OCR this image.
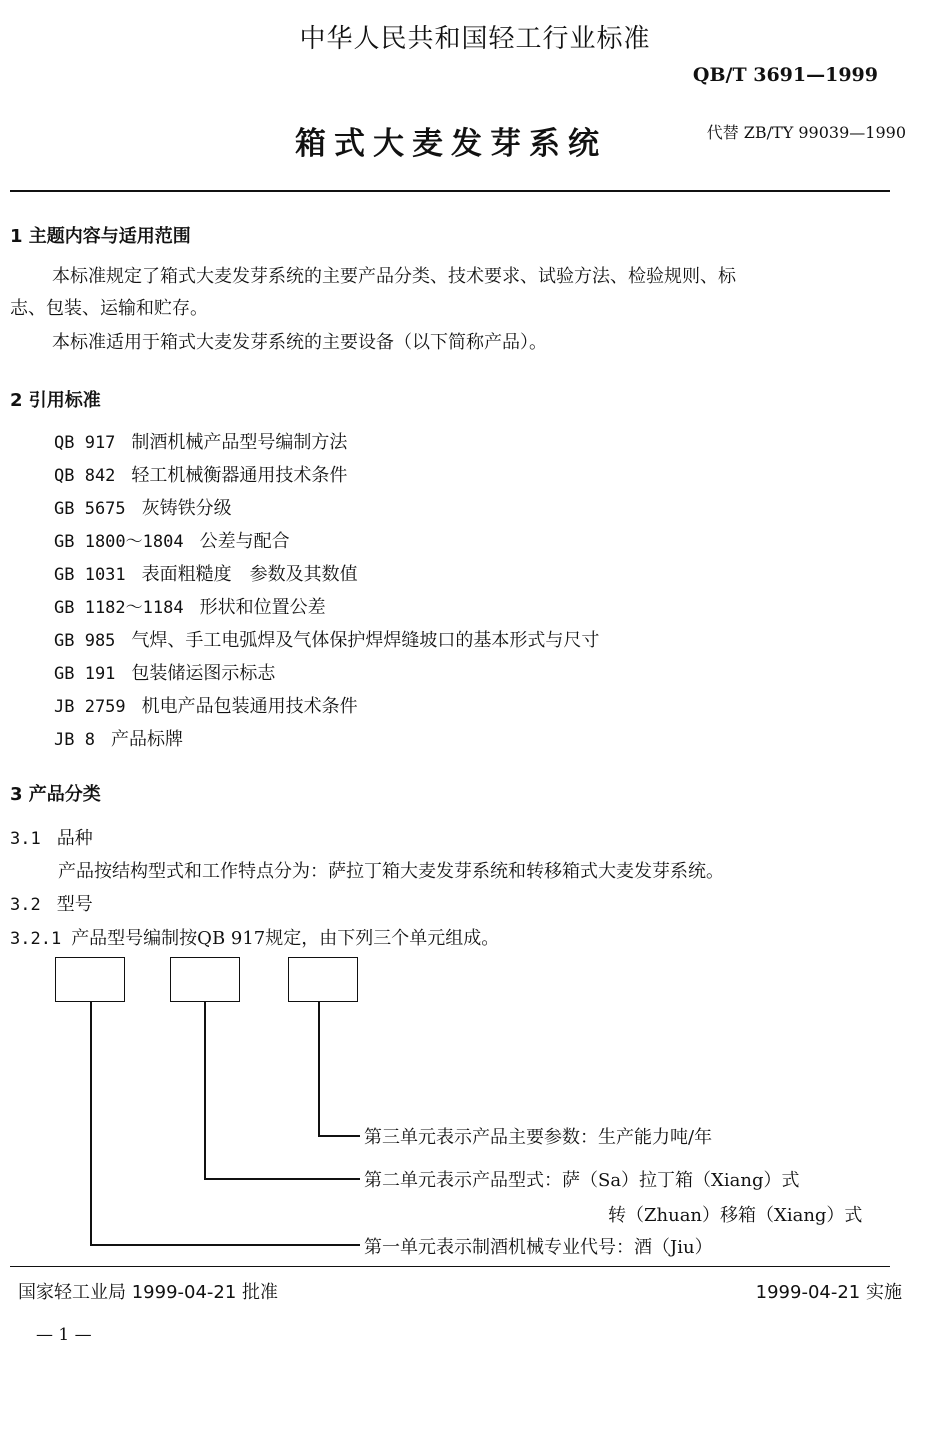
中华人民共和国轻工行业标准
QB/T 3691—1999
箱式大麦发芽系统	代替 ZB/TY 99039—1990
1 主题内容与适用范围
本标准规定了箱式大麦发芽系统的主要产品分类、技术要求、试验方法、检验规则、标
志、包装、运输和贮存。
本标准适用于箱式大麦发芽系统的主要设备（以下简称产品）。
2 引用标准
QB 917 制酒机械产品型号编制方法
QB 842 轻工机械衡器通用技术条件
GB 5675 灰铸铁分级
GB 1800～1804 公差与配合
GB 1031 表面粗糙度　参数及其数值
GB 1182～1184 形状和位置公差
GB 985 气焊、手工电弧焊及气体保护焊焊缝坡口的基本形式与尺寸
GB 191 包装储运图示标志
JB 2759 机电产品包装通用技术条件
JB 8 产品标牌
3 产品分类
3.1 品种
产品按结构型式和工作特点分为：萨拉丁箱大麦发芽系统和转移箱式大麦发芽系统。
3.2 型号
3.2.1 产品型号编制按QB 917规定，由下列三个单元组成。
第三单元表示产品主要参数：生产能力吨/年
第二单元表示产品型式：萨（Sa）拉丁箱（Xiang）式
转（Zhuan）移箱（Xiang）式
第一单元表示制酒机械专业代号：酒（Jiu）
国家轻工业局 1999-04-21 批准	1999-04-21 实施
— 1 —
